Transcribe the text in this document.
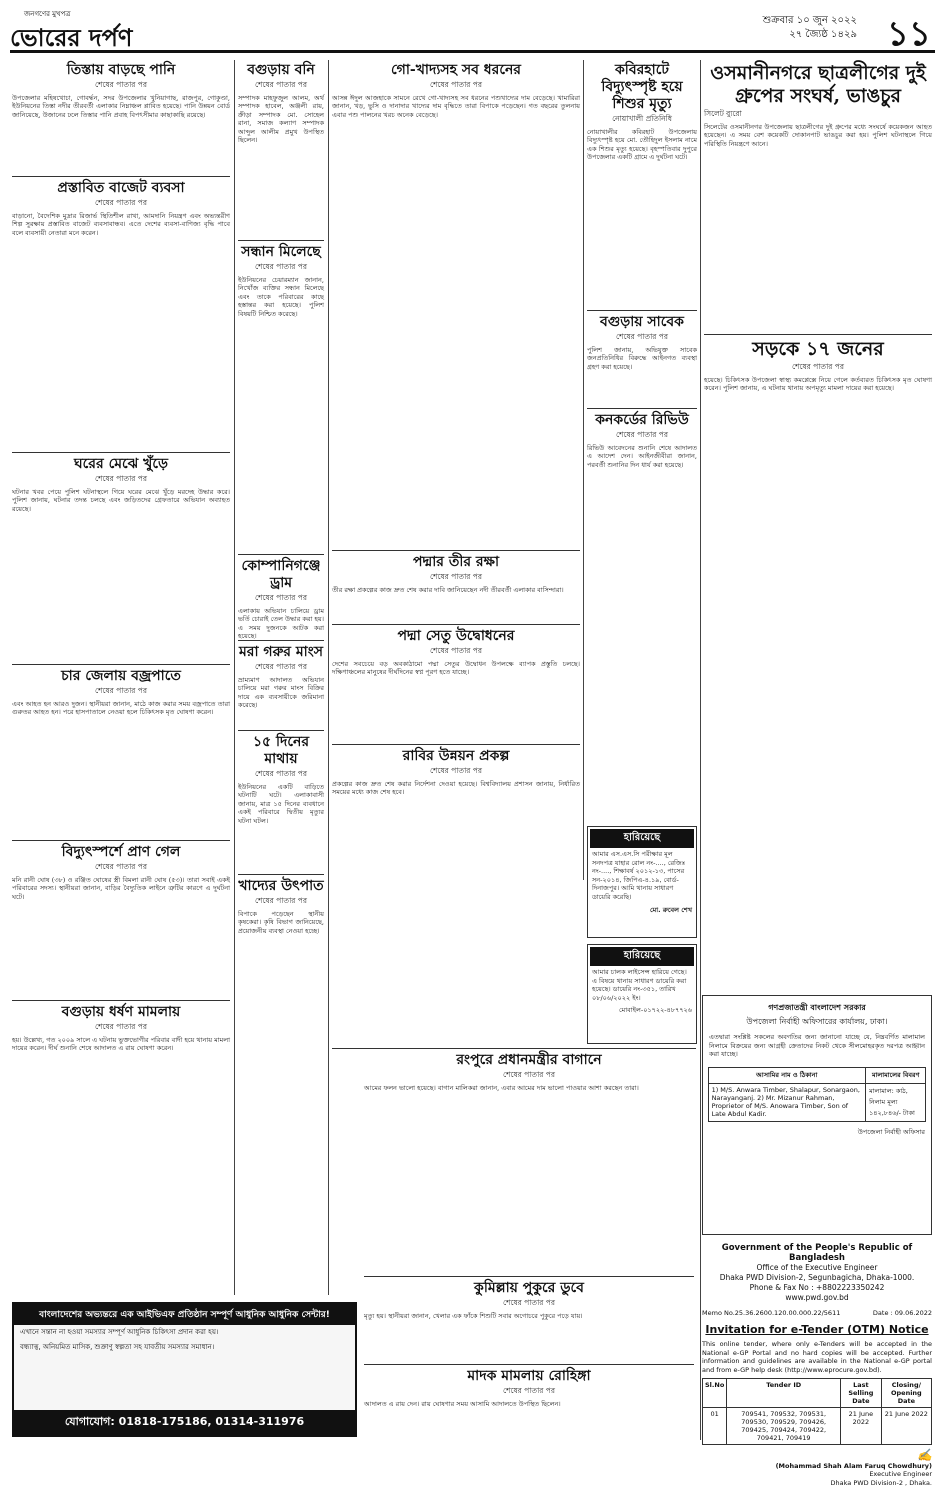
জনগণের মুখপত্র
ভোরের দর্পণ
শুক্রবার ১০ জুন ২০২২
২৭ জ্যৈষ্ঠ ১৪২৯ ১১
তিস্তায় বাড়ছে পানি
শেষের পাতার পর
উপজেলার মহিষখোচা, গোবর্দ্ধন, সদর উপজেলার খুনিয়াগাছ, রাজপুর, গোকুণ্ডা, ইউনিয়নের তিস্তা নদীর তীরবর্তী এলাকার নিম্নাঞ্চল প্লাবিত হয়েছে। পানি উন্নয়ন বোর্ড জানিয়েছে, উজানের ঢলে তিস্তার পানি প্রবাহ বিপৎসীমার কাছাকাছি রয়েছে।
প্রস্তাবিত বাজেট ব্যবসা
শেষের পাতার পর
বাড়ানো, বৈদেশিক মুদ্রার রিজার্ভ স্থিতিশীল রাখা, আমদানি নিয়ন্ত্রণ এবং অভ্যন্তরীণ শিল্প সুরক্ষায় প্রস্তাবিত বাজেট ব্যবসাবান্ধব। এতে দেশের ব্যবসা-বাণিজ্য বৃদ্ধি পাবে বলে ব্যবসায়ী নেতারা মনে করেন।
ঘরের মেঝে খুঁড়ে
শেষের পাতার পর
ঘটনার খবর পেয়ে পুলিশ ঘটনাস্থলে গিয়ে ঘরের মেঝে খুঁড়ে মরদেহ উদ্ধার করে। পুলিশ জানায়, ঘটনার তদন্ত চলছে এবং জড়িতদের গ্রেফতারে অভিযান অব্যাহত রয়েছে।
চার জেলায় বজ্রপাতে
শেষের পাতার পর
এবং আহত হন আরও দুজন। স্থানীয়রা জানান, মাঠে কাজ করার সময় বজ্রপাতে তারা গুরুতর আহত হন। পরে হাসপাতালে নেওয়া হলে চিকিৎসক মৃত ঘোষণা করেন।
বিদ্যুৎস্পর্শে প্রাণ গেল
শেষের পাতার পর
মনি রানী ঘোষ (৩৮) ও রঞ্জিত ঘোষের স্ত্রী বিমলা রানী ঘোষ (৫৩)। তারা সবাই একই পরিবারের সদস্য। স্থানীয়রা জানান, বাড়ির বৈদ্যুতিক লাইনে ত্রুটির কারণে এ দুর্ঘটনা ঘটে।
বগুড়ায় ধর্ষণ মামলায়
শেষের পাতার পর
হয়। উল্লেখ্য, গত ২০০৯ সালে এ ঘটনায় ভুক্তভোগীর পরিবার বাদী হয়ে থানায় মামলা দায়ের করেন। দীর্ঘ শুনানি শেষে আদালত এ রায় ঘোষণা করেন।
বগুড়ায় বনি
শেষের পাতার পর
সম্পাদক মাহফুজুল আলম, অর্থ সম্পাদক হাবেল, অঞ্জলী রায়, ক্রীড়া সম্পাদক মো. সোহেল রানা, সমাজ কল্যাণ সম্পাদক আব্দুল আলীম প্রমুখ উপস্থিত ছিলেন।
সন্ধান মিলেছে
শেষের পাতার পর
ইউনিয়নের চেয়ারম্যান জানান, নিখোঁজ ব্যক্তির সন্ধান মিলেছে এবং তাকে পরিবারের কাছে হস্তান্তর করা হয়েছে। পুলিশ বিষয়টি নিশ্চিত করেছে।
কোম্পানিগঞ্জে ড্রাম
শেষের পাতার পর
এলাকায় অভিযান চালিয়ে ড্রাম ভর্তি চোরাই তেল উদ্ধার করা হয়। এ সময় দুজনকে আটক করা হয়েছে।
মরা গরুর মাংস
শেষের পাতার পর
ভ্রাম্যমাণ আদালত অভিযান চালিয়ে মরা গরুর মাংস বিক্রির দায়ে এক ব্যবসায়ীকে জরিমানা করেছে।
১৫ দিনের মাথায়
শেষের পাতার পর
ইউনিয়নের একটি বাড়িতে ঘটনাটি ঘটে। এলাকাবাসী জানায়, মাত্র ১৫ দিনের ব্যবধানে একই পরিবারে দ্বিতীয় মৃত্যুর ঘটনা ঘটল।
খাদ্যের উৎপাত
শেষের পাতার পর
বিপাকে পড়েছেন স্থানীয় কৃষকেরা। কৃষি বিভাগ জানিয়েছে, প্রয়োজনীয় ব্যবস্থা নেওয়া হচ্ছে।
গো-খাদ্যসহ সব ধরনের
শেষের পাতার পর
আসন্ন ঈদুল আজহাকে সামনে রেখে গো-খাদ্যসহ সব ধরনের পশুখাদ্যের দাম বেড়েছে। খামারিরা জানান, খড়, ভুসি ও দানাদার খাদ্যের দাম বৃদ্ধিতে তারা বিপাকে পড়েছেন। গত বছরের তুলনায় এবার পশু পালনের খরচ অনেক বেড়েছে।
পদ্মার তীর রক্ষা
শেষের পাতার পর
তীর রক্ষা প্রকল্পের কাজ দ্রুত শেষ করার দাবি জানিয়েছেন নদী তীরবর্তী এলাকার বাসিন্দারা।
পদ্মা সেতু উদ্বোধনের
শেষের পাতার পর
দেশের সবচেয়ে বড় অবকাঠামো পদ্মা সেতুর উদ্বোধন উপলক্ষে ব্যাপক প্রস্তুতি চলছে। দক্ষিণাঞ্চলের মানুষের দীর্ঘদিনের স্বপ্ন পূরণ হতে যাচ্ছে।
রাবির উন্নয়ন প্রকল্প
শেষের পাতার পর
প্রকল্পের কাজ দ্রুত শেষ করার নির্দেশনা দেওয়া হয়েছে। বিশ্ববিদ্যালয় প্রশাসন জানায়, নির্ধারিত সময়ের মধ্যে কাজ শেষ হবে।
রংপুরে প্রধানমন্ত্রীর বাগানে
শেষের পাতার পর
আমের ফলন ভালো হয়েছে। বাগান মালিকরা জানান, এবার আমের দাম ভালো পাওয়ার আশা করছেন তারা।
কুমিল্লায় পুকুরে ডুবে
শেষের পাতার পর
মৃত্যু হয়। স্থানীয়রা জানান, খেলার এক ফাঁকে শিশুটি সবার অগোচরে পুকুরে পড়ে যায়।
মাদক মামলায় রোহিঙ্গা
শেষের পাতার পর
আদালত এ রায় দেন। রায় ঘোষণার সময় আসামি আদালতে উপস্থিত ছিলেন।
কবিরহাটে বিদ্যুৎস্পৃষ্ট হয়ে শিশুর মৃত্যু
নোয়াখালী প্রতিনিধি
নোয়াখালীর কবিরহাট উপজেলায় বিদ্যুৎস্পৃষ্ট হয়ে মো. তৌহিদুল ইসলাম নামে এক শিশুর মৃত্যু হয়েছে। বৃহস্পতিবার দুপুরে উপজেলার একটি গ্রামে এ দুর্ঘটনা ঘটে।
বগুড়ায় সাবেক
শেষের পাতার পর
পুলিশ জানায়, অভিযুক্ত সাবেক জনপ্রতিনিধির বিরুদ্ধে আইনগত ব্যবস্থা গ্রহণ করা হয়েছে।
কনকর্ডের রিভিউ
শেষের পাতার পর
রিভিউ আবেদনের শুনানি শেষে আদালত এ আদেশ দেন। আইনজীবীরা জানান, পরবর্তী শুনানির দিন ধার্য করা হয়েছে।
হারিয়েছে
আমার এস.এস.সি পরীক্ষার মূল সনদপত্র যাহার রোল নং-...., রেজিঃ নং-...., শিক্ষাবর্ষ ২০১২-১৩, পাসের সন-২০১৪, জিপিএ-৪.১৯, বোর্ড-দিনাজপুর। আমি থানায় সাধারণ ডায়েরি করেছি।
মো. রুবেল শেখ
হারিয়েছে
আমার চালক লাইসেন্স হারিয়ে গেছে। এ বিষয়ে থানায় সাধারণ ডায়েরি করা হয়েছে। ডায়েরি নং-৩৫১, তারিখ ০৮/০৬/২০২২ ইং।
মোবাইল-০১৭২২-৪৮৭৭২৬
ওসমানীনগরে ছাত্রলীগের দুই গ্রুপের সংঘর্ষ, ভাঙচুর
সিলেট ব্যুরো
সিলেটের ওসমানীনগর উপজেলায় ছাত্রলীগের দুই গ্রুপের মধ্যে সংঘর্ষে কয়েকজন আহত হয়েছেন। এ সময় বেশ কয়েকটি দোকানপাট ভাঙচুর করা হয়। পুলিশ ঘটনাস্থলে গিয়ে পরিস্থিতি নিয়ন্ত্রণে আনে।
সড়কে ১৭ জনের
শেষের পাতার পর
হয়েছে। চিকিৎসক উপজেলা স্বাস্থ্য কমপ্লেক্সে নিয়ে গেলে কর্তব্যরত চিকিৎসক মৃত ঘোষণা করেন। পুলিশ জানায়, এ ঘটনায় থানায় অপমৃত্যু মামলা দায়ের করা হয়েছে।
গণপ্রজাতন্ত্রী বাংলাদেশ সরকার
উপজেলা নির্বাহী অফিসারের কার্যালয়, ঢাকা।
এতদ্বারা সংশ্লিষ্ট সকলের অবগতির জন্য জানানো যাচ্ছে যে, নিম্নবর্ণিত মালামাল নিলামে বিক্রয়ের জন্য আগ্রহী ক্রেতাদের নিকট থেকে সীলমোহরকৃত দরপত্র আহ্বান করা যাচ্ছে।
আসামির নাম ও ঠিকানা	মালামালের বিবরণ
1) M/S. Anwara Timber, Shalapur, Sonargaon, Narayanganj. 2) Mr. Mizanur Rahman, Proprietor of M/S. Anowara Timber, Son of Late Abdul Kadir.	মালামাল: কাঠ, নিলাম মূল্য ১৪২,৮৪৬/- টাকা
উপজেলা নির্বাহী অফিসার
Government of the People's Republic of Bangladesh
Office of the Executive Engineer
Dhaka PWD Division-2, Segunbagicha, Dhaka-1000.
Phone & Fax No : +8802223350242
www.pwd.gov.bd
Memo No.25.36.2600.120.00.000.22/5611	Date : 09.06.2022
Invitation for e-Tender (OTM) Notice
This online tender, where only e-Tenders will be accepted in the National e-GP Portal and no hard copies will be accepted. Further information and guidelines are available in the National e-GP portal and from e-GP help desk (http://www.eprocure.gov.bd).
Sl.No	Tender ID	Last Selling Date	Closing/ Opening Date
01	709541, 709532, 709531, 709530, 709529, 709426, 709425, 709424, 709422, 709421, 709419	21 June 2022	21 June 2022
✍
(Mohammad Shah Alam Faruq Chowdhury)
Executive Engineer
Dhaka PWD Division-2 , Dhaka.
বাংলাদেশের অভ্যন্তরে এক আইভিএফ প্রতিষ্ঠান সম্পূর্ণ আধুনিক আধুনিক সেন্টার!
এখানে সন্তান না হওয়া সমস্যার সম্পূর্ণ আধুনিক চিকিৎসা প্রদান করা হয়।
বন্ধ্যাত্ব, অনিয়মিত মাসিক, শুক্রাণু স্বল্পতা সহ যাবতীয় সমস্যার সমাধান।
যোগাযোগ: 01818-175186, 01314-311976
